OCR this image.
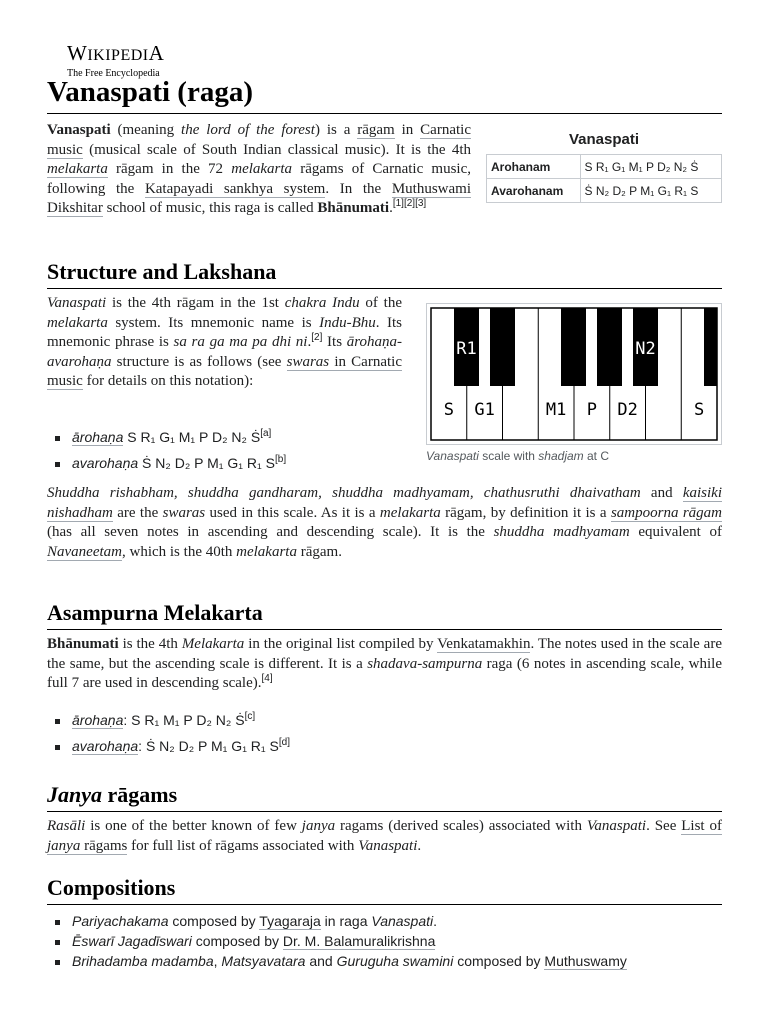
WIKIPEDIA
The Free Encyclopedia
Vanaspati (raga)

Vanaspati (meaning the lord of the forest) is a rāgam in Carnatic music (musical scale of South Indian classical music). It is the 4th melakarta rāgam in the 72 melakarta rāgams of Carnatic music, following the Katapayadi sankhya system. In the Muthuswami Dikshitar school of music, this raga is called Bhānumati.[1][2][3]

Structure and Lakshana

Vanaspati is the 4th rāgam in the 1st chakra Indu of the melakarta system. Its mnemonic name is Indu-Bhu. Its mnemonic phrase is sa ra ga ma pa dhi ni.[2] Its ārohaṇa-avarohaṇa structure is as follows (see swaras in Carnatic music for details on this notation):

ārohaṇa S R₁ G₁ M₁ P D₂ N₂ Ṡ[a]
avarohaṇa Ṡ N₂ D₂ P M₁ G₁ R₁ S[b]

Shuddha rishabham, shuddha gandharam, shuddha madhyamam, chathusruthi dhaivatham and kaisiki nishadham are the swaras used in this scale. As it is a melakarta rāgam, by definition it is a sampoorna rāgam (has all seven notes in ascending and descending scale). It is the shuddha madhyamam equivalent of Navaneetam, which is the 40th melakarta rāgam.

Asampurna Melakarta

Bhānumati is the 4th Melakarta in the original list compiled by Venkatamakhin. The notes used in the scale are the same, but the ascending scale is different. It is a shadava-sampurna raga (6 notes in ascending scale, while full 7 are used in descending scale).[4]

ārohaṇa: S R₁ M₁ P D₂ N₂ Ṡ[c]
avarohaṇa: Ṡ N₂ D₂ P M₁ G₁ R₁ S[d]
Janya rāgams

Rasāli is one of the better known of few janya ragams (derived scales) associated with Vanaspati. See List of janya rāgams for full list of rāgams associated with Vanaspati.

Compositions
Pariyachakama composed by Tyagaraja in raga Vanaspati.
Ēswarī Jagadīswari composed by Dr. M. Balamuralikrishna
Brihadamba madamba, Matsyavatara and Guruguha swamini composed by Muthuswamy
Vanaspati
Arohanam	S R₁ G₁ M₁ P D₂ N₂ Ṡ
Avarohanam	Ṡ N₂ D₂ P M₁ G₁ R₁ S
R1	N2
S G1	M1 P D2	S
Vanaspati scale with shadjam at C
